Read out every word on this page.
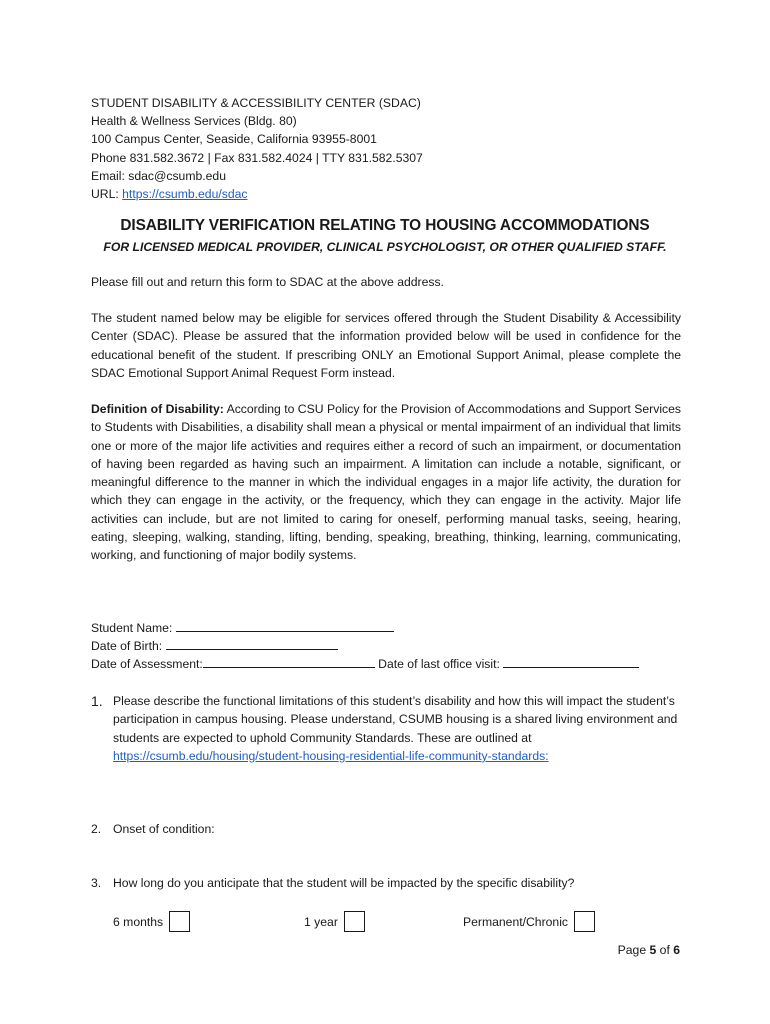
STUDENT DISABILITY & ACCESSIBILITY CENTER (SDAC)
Health & Wellness Services (Bldg. 80)
100 Campus Center, Seaside, California 93955-8001
Phone 831.582.3672 | Fax 831.582.4024 | TTY 831.582.5307
Email: sdac@csumb.edu
URL: https://csumb.edu/sdac
DISABILITY VERIFICATION RELATING TO HOUSING ACCOMMODATIONS
FOR LICENSED MEDICAL PROVIDER, CLINICAL PSYCHOLOGIST, OR OTHER QUALIFIED STAFF.
Please fill out and return this form to SDAC at the above address.
The student named below may be eligible for services offered through the Student Disability & Accessibility Center (SDAC). Please be assured that the information provided below will be used in confidence for the educational benefit of the student. If prescribing ONLY an Emotional Support Animal, please complete the SDAC Emotional Support Animal Request Form instead.
Definition of Disability: According to CSU Policy for the Provision of Accommodations and Support Services to Students with Disabilities, a disability shall mean a physical or mental impairment of an individual that limits one or more of the major life activities and requires either a record of such an impairment, or documentation of having been regarded as having such an impairment. A limitation can include a notable, significant, or meaningful difference to the manner in which the individual engages in a major life activity, the duration for which they can engage in the activity, or the frequency, which they can engage in the activity. Major life activities can include, but are not limited to caring for oneself, performing manual tasks, seeing, hearing, eating, sleeping, walking, standing, lifting, bending, speaking, breathing, thinking, learning, communicating, working, and functioning of major bodily systems.
Student Name:
Date of Birth:
Date of Assessment:	Date of last office visit:
1. Please describe the functional limitations of this student’s disability and how this will impact the student’s participation in campus housing. Please understand, CSUMB housing is a shared living environment and students are expected to uphold Community Standards. These are outlined at https://csumb.edu/housing/student-housing-residential-life-community-standards:
2. Onset of condition:
3. How long do you anticipate that the student will be impacted by the specific disability?
6 months	1 year	Permanent/Chronic
Page 5 of 6
